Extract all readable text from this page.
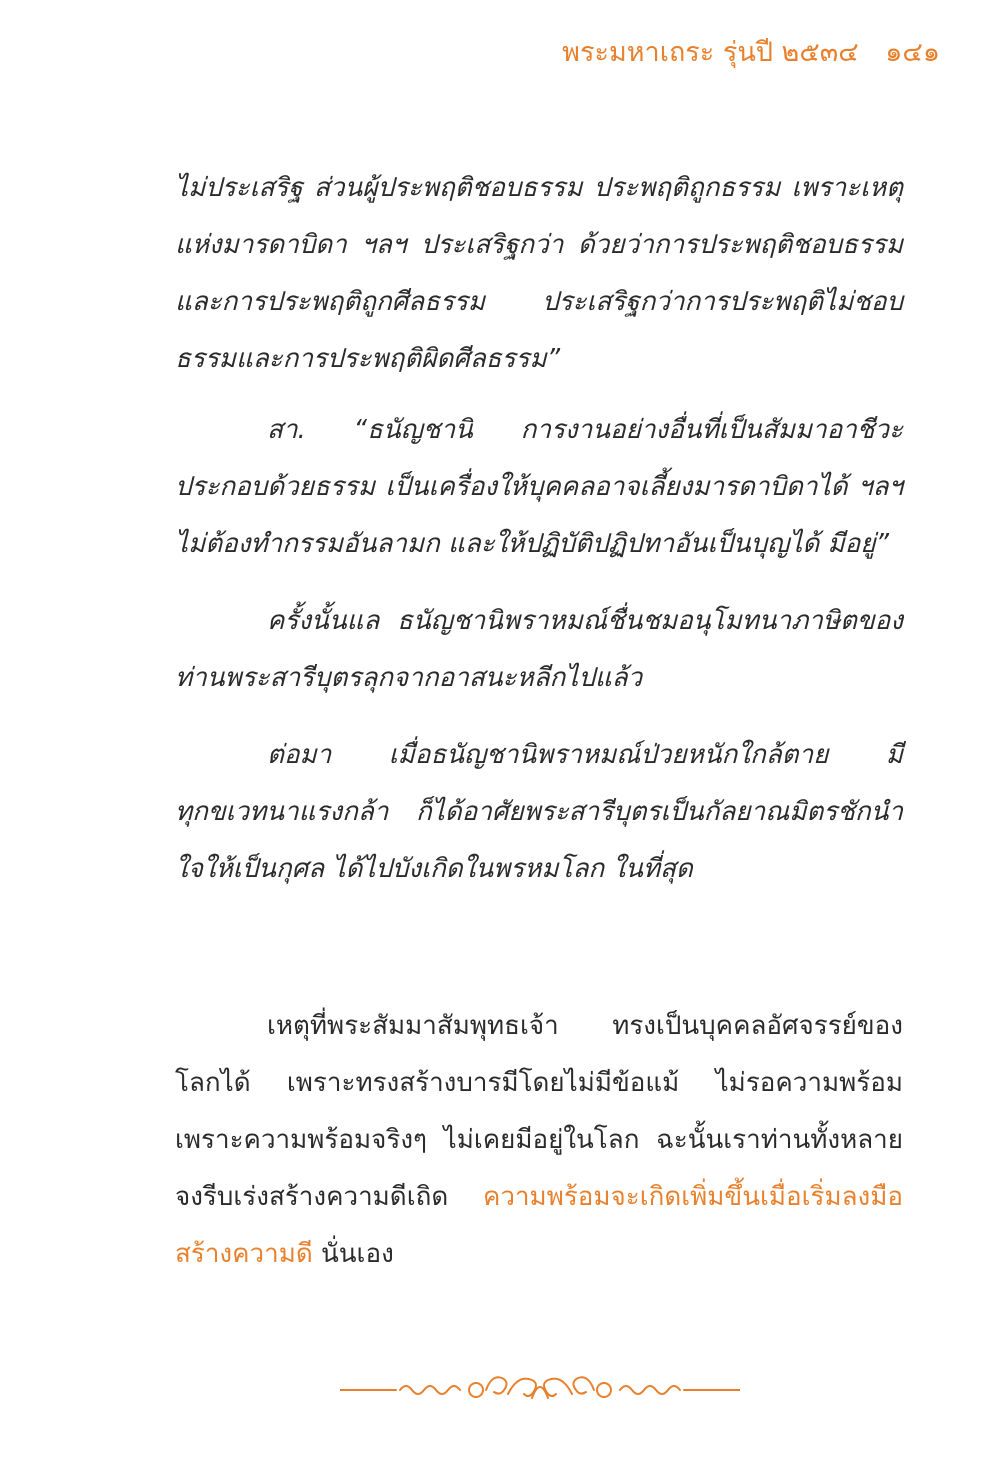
พระมหาเถระ รุ่นปี ๒๕๓๔ ๑๔๑

ไม่ประเสริฐ ส่วนผู้ประพฤติชอบธรรม ประพฤติถูกธรรม เพราะเหตุแห่งมารดาบิดา ฯลฯ ประเสริฐกว่า ด้วยว่าการประพฤติชอบธรรมและการประพฤติถูกศีลธรรม ประเสริฐกว่าการประพฤติไม่ชอบธรรมและการประพฤติผิดศีลธรรม”

สา. “ธนัญชานิ การงานอย่างอื่นที่เป็นสัมมาอาชีวะประกอบด้วยธรรม เป็นเครื่องให้บุคคลอาจเลี้ยงมารดาบิดาได้ ฯลฯ ไม่ต้องทำกรรมอันลามก และให้ปฏิบัติปฏิปทาอันเป็นบุญได้ มีอยู่”

ครั้งนั้นแล ธนัญชานิพราหมณ์ชื่นชมอนุโมทนาภาษิตของท่านพระสารีบุตรลุกจากอาสนะหลีกไปแล้ว

ต่อมา เมื่อธนัญชานิพราหมณ์ป่วยหนักใกล้ตาย มีทุกขเวทนาแรงกล้า ก็ได้อาศัยพระสารีบุตรเป็นกัลยาณมิตรชักนำใจให้เป็นกุศล ได้ไปบังเกิดในพรหมโลก ในที่สุด

เหตุที่พระสัมมาสัมพุทธเจ้า ทรงเป็นบุคคลอัศจรรย์ของโลกได้ เพราะทรงสร้างบารมีโดยไม่มีข้อแม้ ไม่รอความพร้อม เพราะความพร้อมจริงๆ ไม่เคยมีอยู่ในโลก ฉะนั้นเราท่านทั้งหลายจงรีบเร่งสร้างความดีเถิด ความพร้อมจะเกิดเพิ่มขึ้นเมื่อเริ่มลงมือสร้างความดี นั่นเอง
